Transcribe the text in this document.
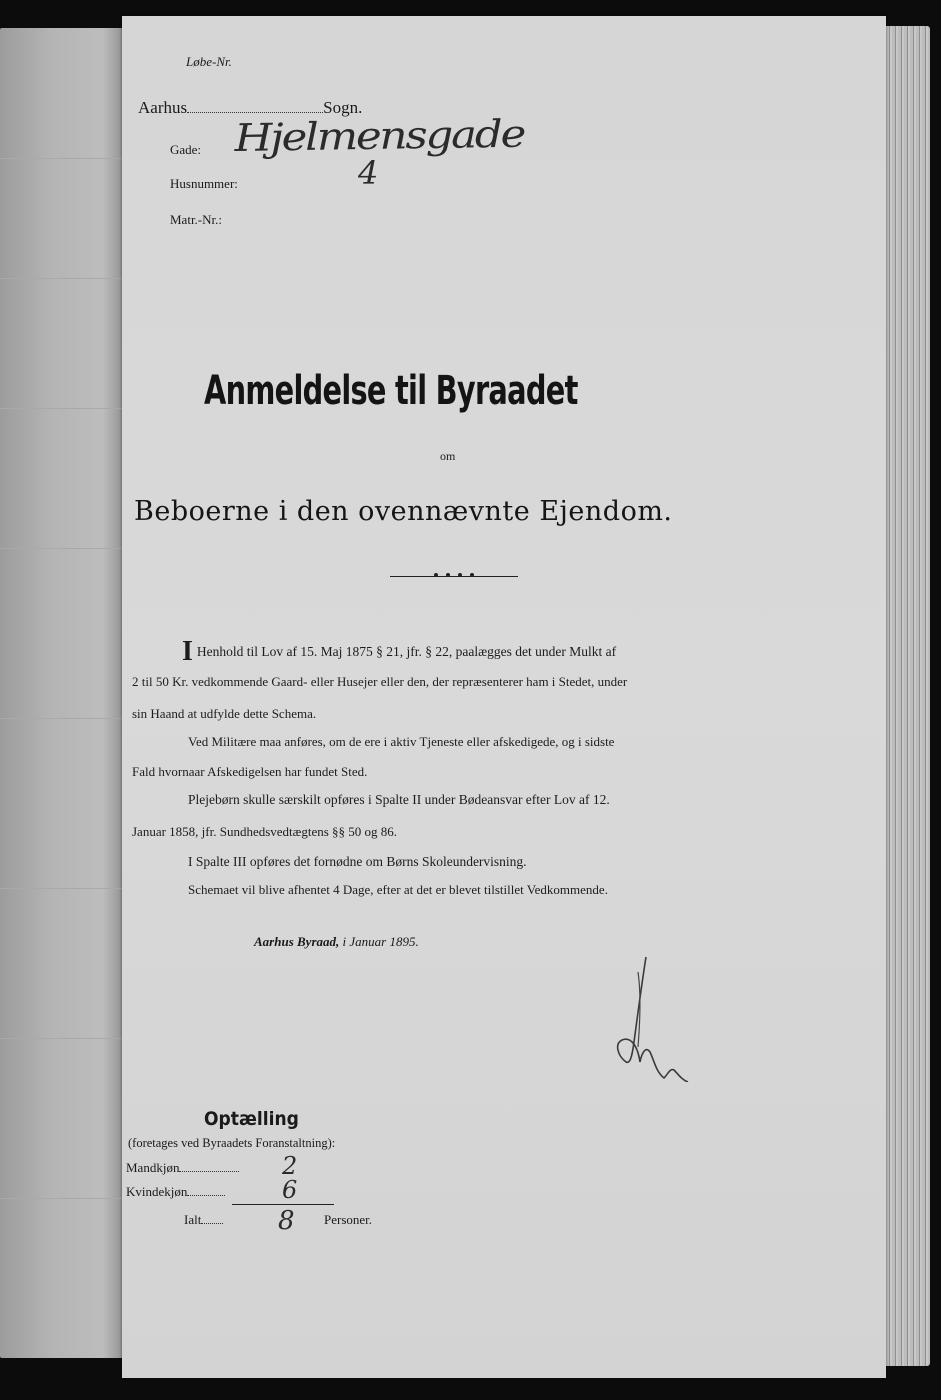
Løbe-Nr.
Aarhus	Sogn.
Gade: Hjelmensgade
Husnummer:	4
Matr.-Nr.:
Anmeldelse til Byraadet
om
Beboerne i den ovennævnte Ejendom.
I Henhold til Lov af 15. Maj 1875 § 21, jfr. § 22, paalægges det under Mulkt af
2 til 50 Kr. vedkommende Gaard- eller Husejer eller den, der repræsenterer ham i Stedet, under
sin Haand at udfylde dette Schema.
Ved Militære maa anføres, om de ere i aktiv Tjeneste eller afskedigede, og i sidste
Fald hvornaar Afskedigelsen har fundet Sted.
Plejebørn skulle særskilt opføres i Spalte II under Bødeansvar efter Lov af 12.
Januar 1858, jfr. Sundhedsvedtægtens §§ 50 og 86.
I Spalte III opføres det fornødne om Børns Skoleundervisning.
Schemaet vil blive afhentet 4 Dage, efter at det er blevet tilstillet Vedkommende.
Aarhus Byraad, i Januar 1895.
Optælling
(foretages ved Byraadets Foranstaltning):
Mandkjøn	2
Kvindekjøn	6
Ialt	8 Personer.
